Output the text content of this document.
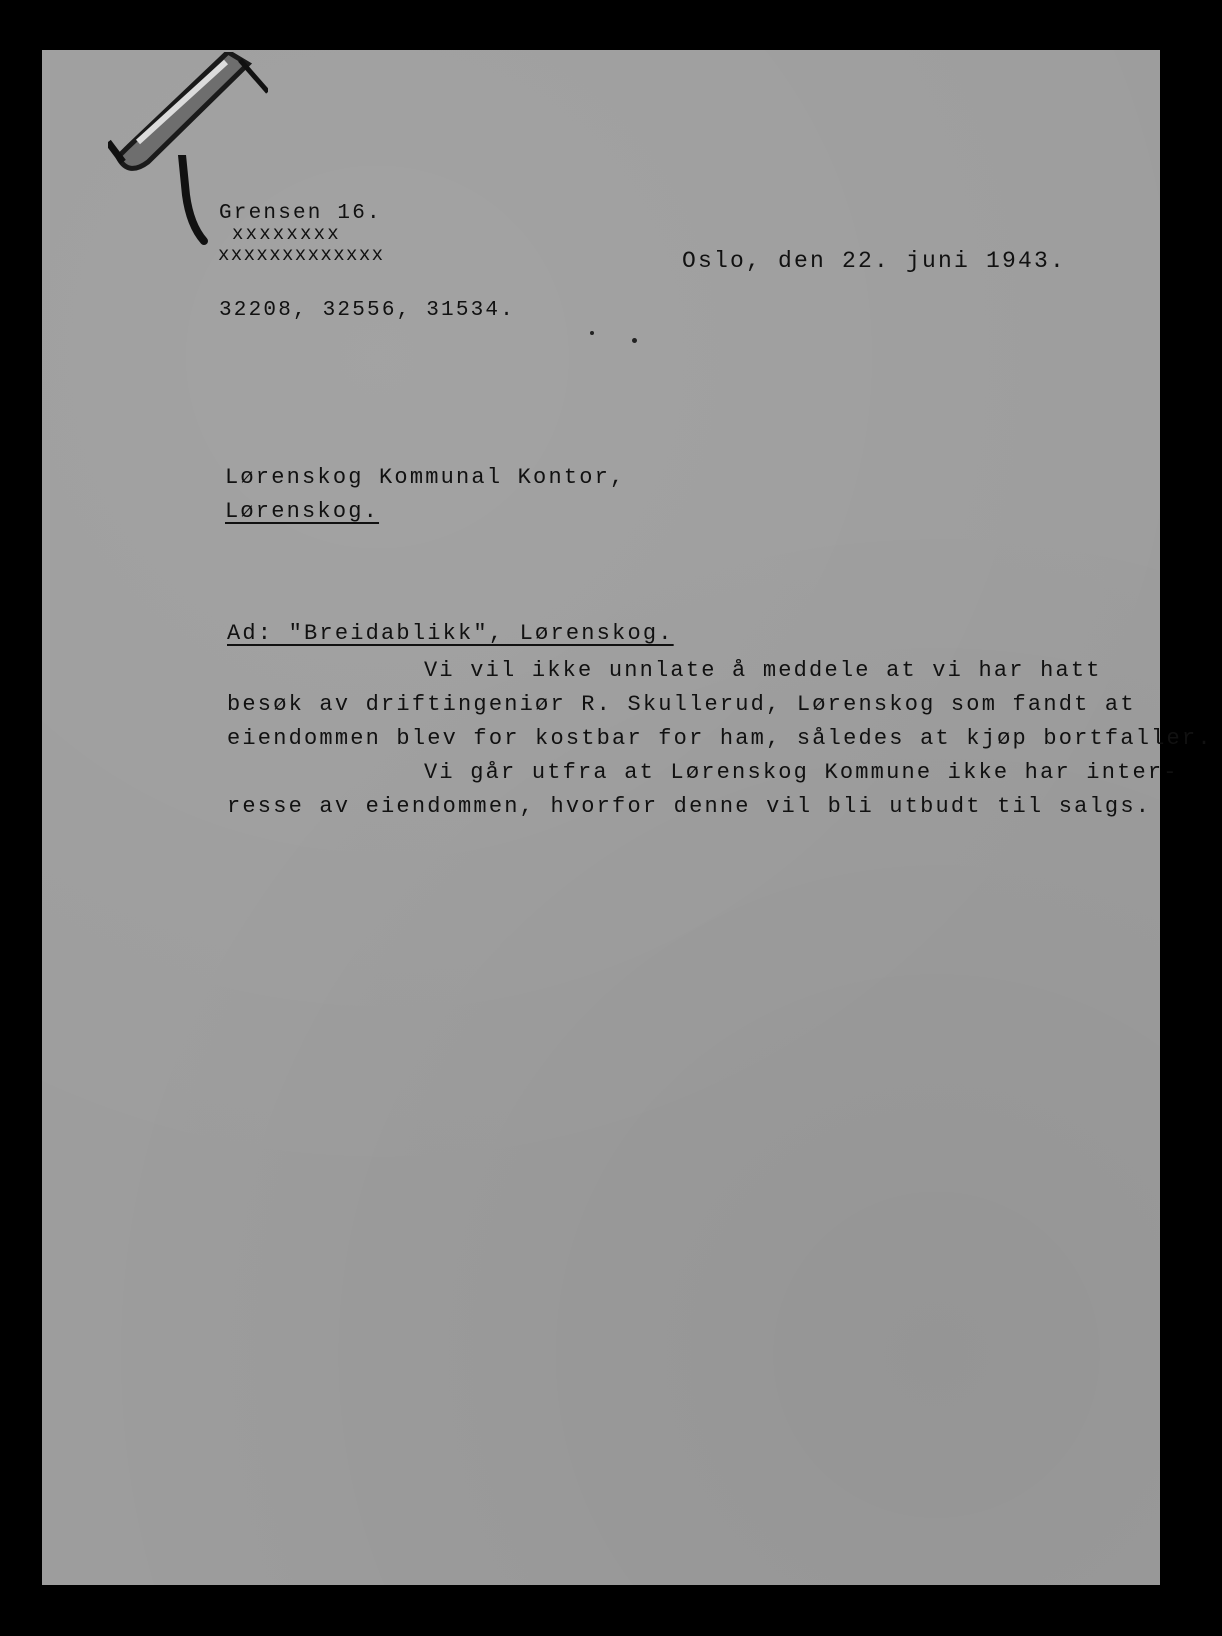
Grensen 16.
xxxxxxxx
xxxxxxxxxxxxx
32208, 32556, 31534.
Oslo, den 22. juni 1943.
Lørenskog Kommunal Kontor,
Lørenskog.
Ad: "Breidablikk", Lørenskog.
Vi vil ikke unnlate å meddele at vi har hatt
besøk av driftingeniør R. Skullerud, Lørenskog som fandt at
eiendommen blev for kostbar for ham, således at kjøp bortfaller.
Vi går utfra at Lørenskog Kommune ikke har inter-
resse av eiendommen, hvorfor denne vil bli utbudt til salgs.
